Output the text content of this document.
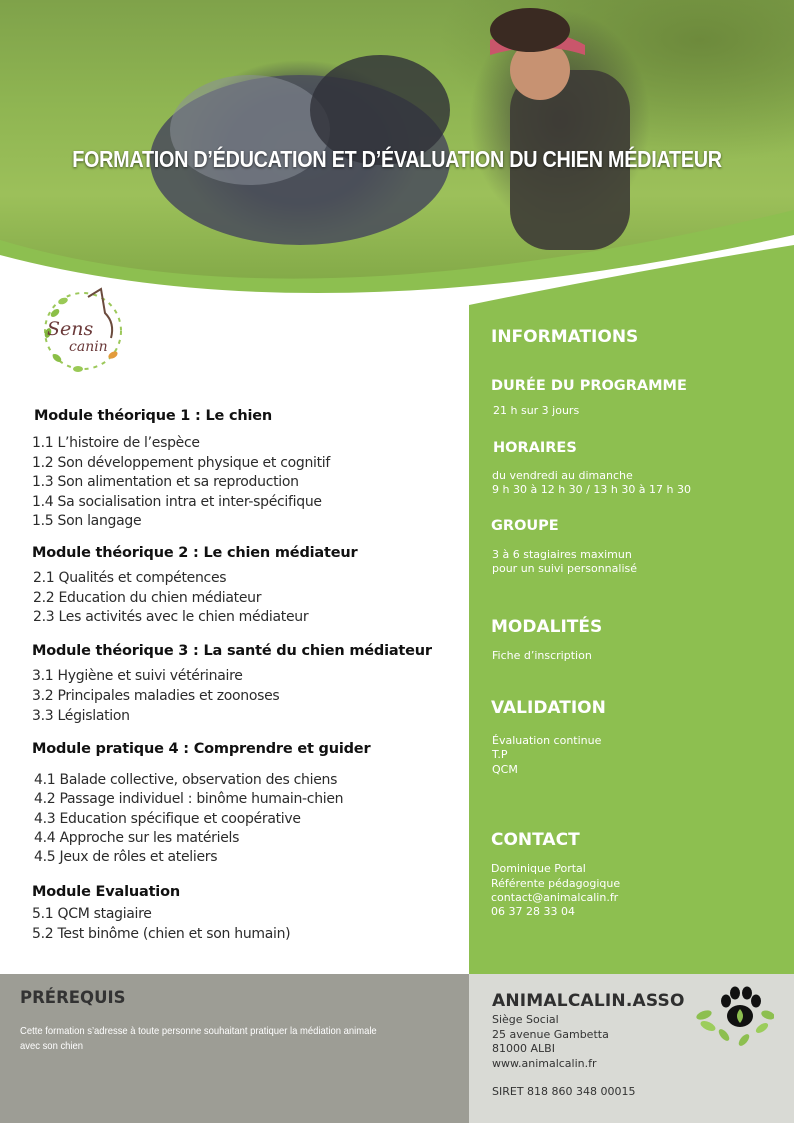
FORMATION D’ÉDUCATION ET D’ÉVALUATION DU CHIEN MÉDIATEUR
Sens
canin
Module théorique 1 : Le chien
1.1 L’histoire de l’espèce
1.2 Son développement physique et cognitif
1.3 Son alimentation et sa reproduction
1.4 Sa socialisation intra et inter-spécifique
1.5 Son langage
Module théorique 2 : Le chien médiateur
2.1 Qualités et compétences
2.2 Education du chien médiateur
2.3 Les activités avec le chien médiateur
Module théorique 3 : La santé du chien médiateur
3.1 Hygiène et suivi vétérinaire
3.2 Principales maladies et zoonoses
3.3 Législation
Module pratique 4 : Comprendre et guider
4.1 Balade collective, observation des chiens
4.2 Passage individuel : binôme humain-chien
4.3 Education spécifique et coopérative
4.4 Approche sur les matériels
4.5 Jeux de rôles et ateliers
Module Evaluation
5.1 QCM stagiaire
5.2 Test binôme (chien et son humain)
INFORMATIONS
DURÉE DU PROGRAMME
21 h sur 3 jours
HORAIRES
du vendredi au dimanche
9 h 30 à 12 h 30 / 13 h 30 à 17 h 30
GROUPE
3 à 6 stagiaires maximun
pour un suivi personnalisé
MODALITÉS
Fiche d’inscription
VALIDATION
Évaluation continue
T.P
QCM
CONTACT
Dominique Portal
Référente pédagogique
contact@animalcalin.fr
06 37 28 33 04
PRÉREQUIS
Cette formation s’adresse à toute personne souhaitant pratiquer la médiation animale avec son chien
ANIMALCALIN.ASSO
Siège Social
25 avenue Gambetta
81000 ALBI
www.animalcalin.fr
SIRET 818 860 348 00015
